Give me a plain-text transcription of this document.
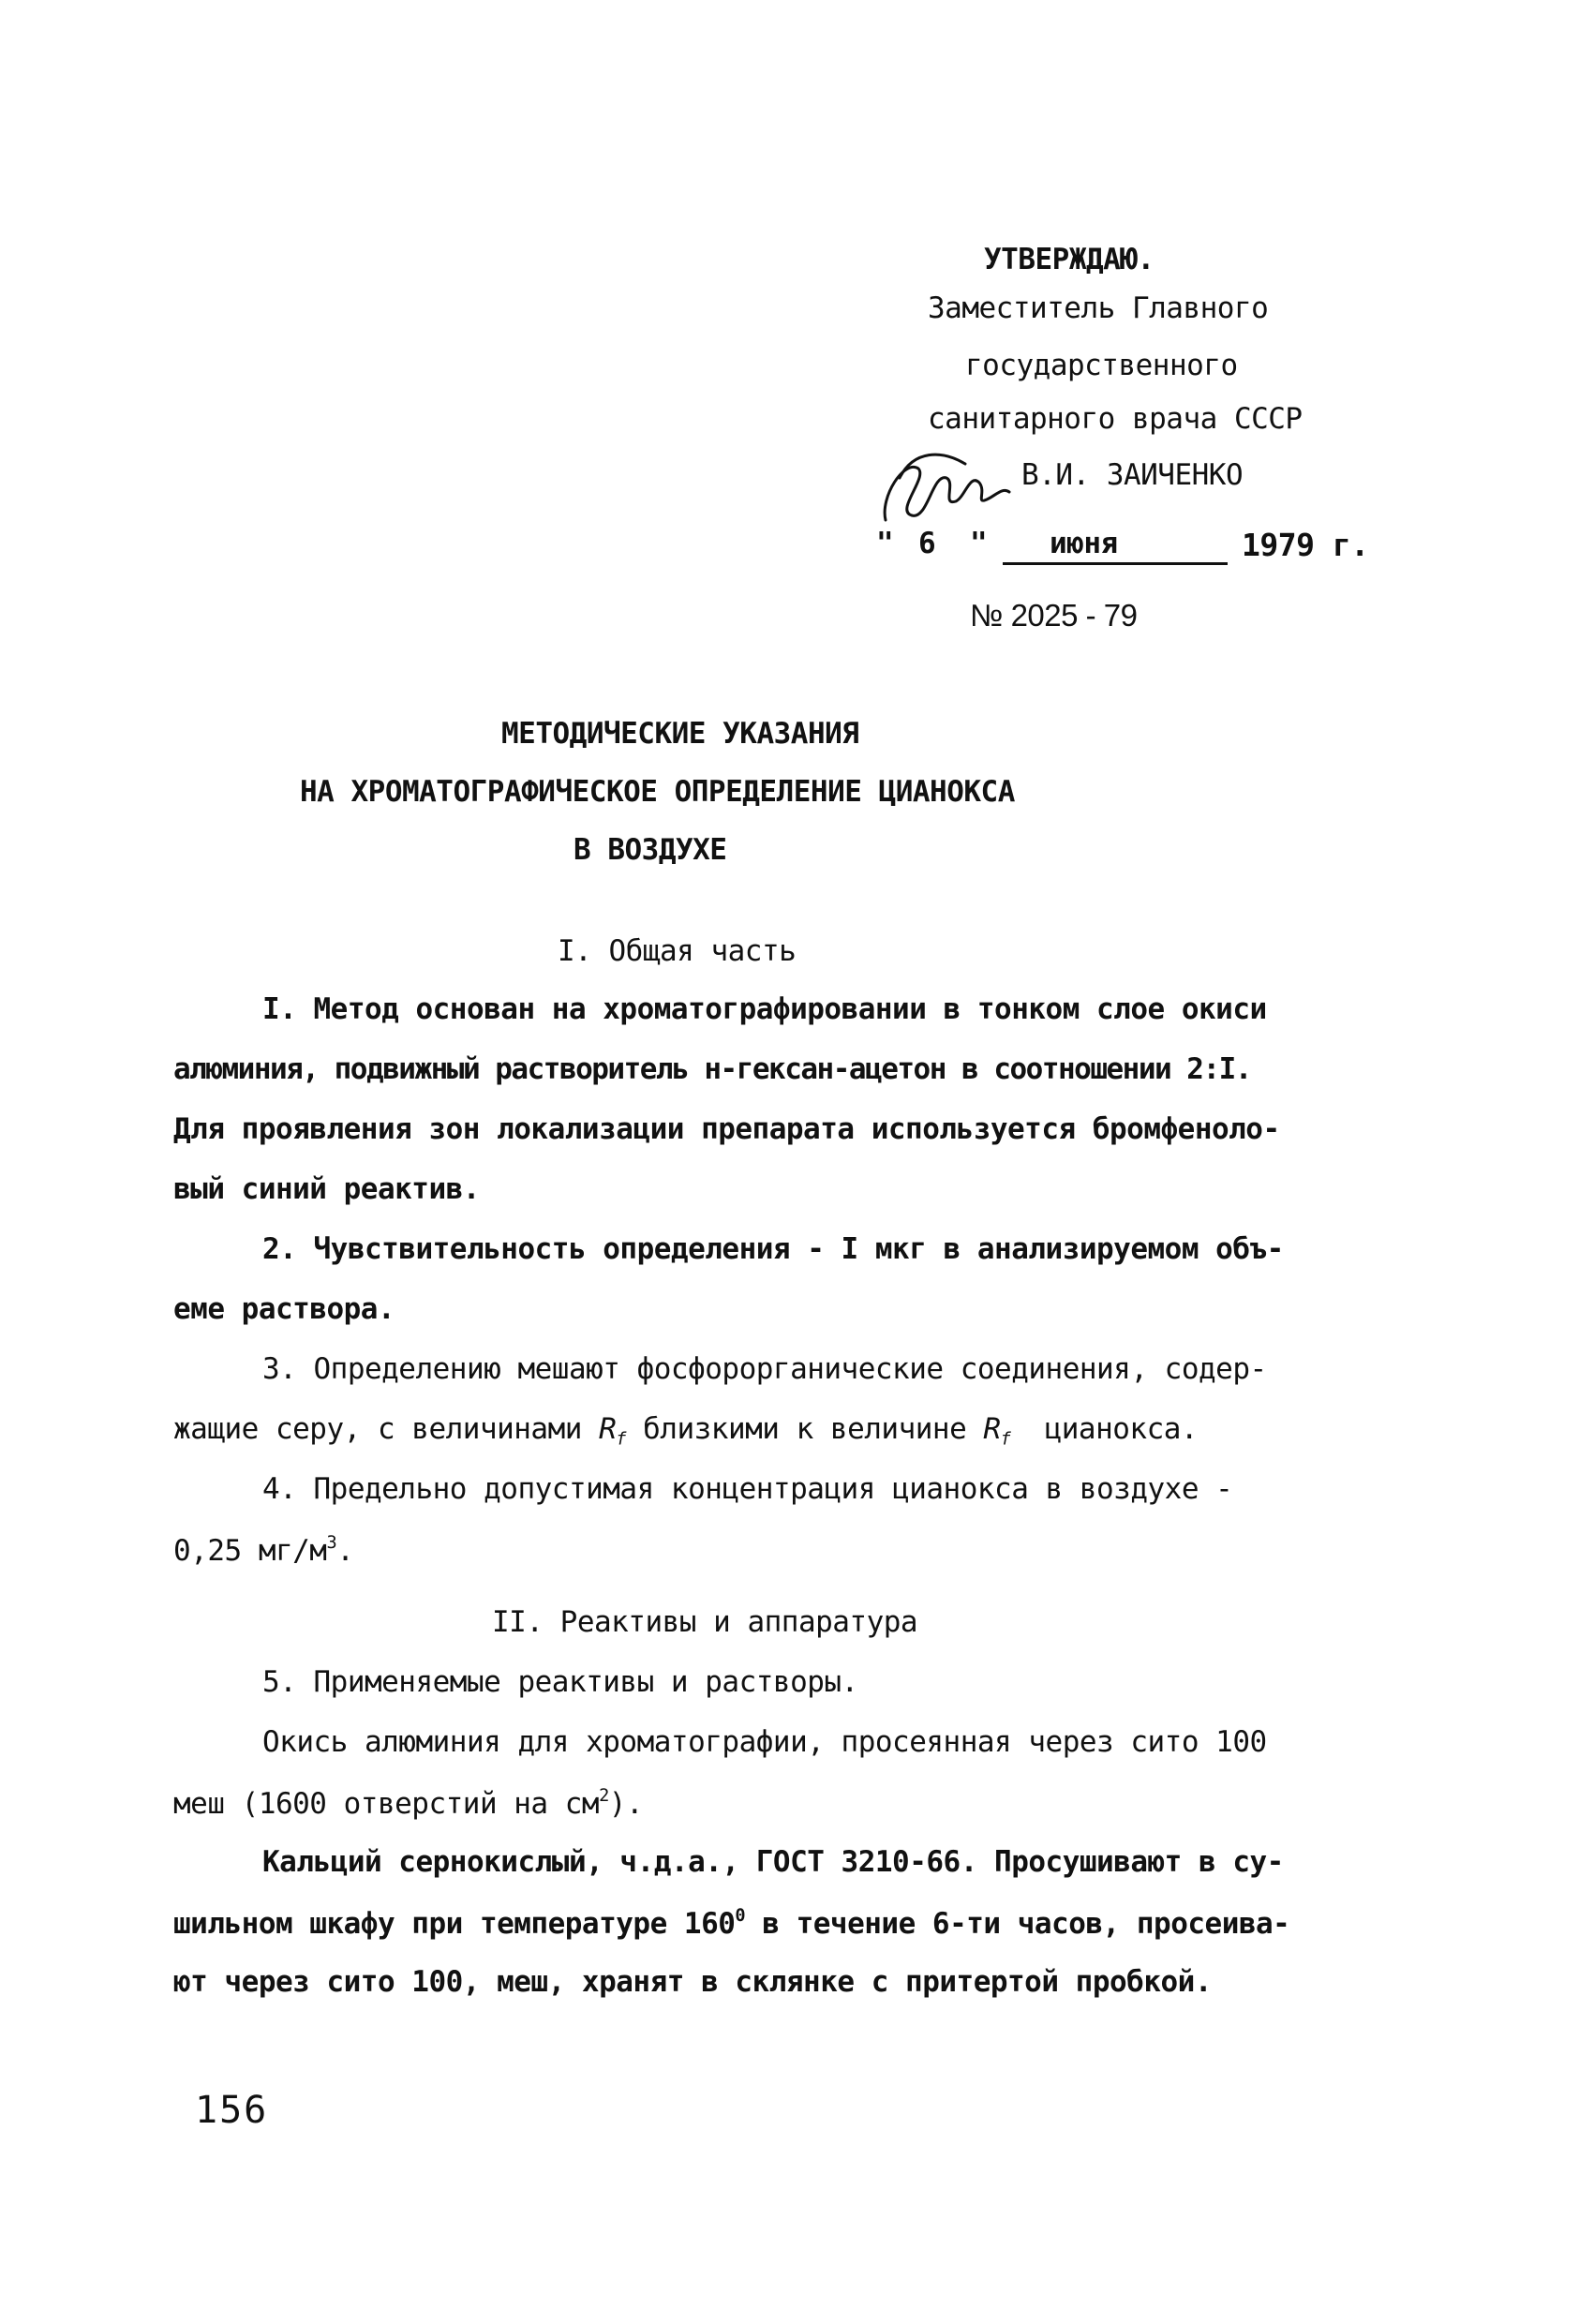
УТВЕРЖДАЮ.
Заместитель Главного
государственного
санитарного врача СССР
В.И. ЗАИЧЕНКО
" 6 " июня	1979 г.
№ 2025 - 79
МЕТОДИЧЕСКИЕ УКАЗАНИЯ
НА ХРОМАТОГРАФИЧЕСКОЕ ОПРЕДЕЛЕНИЕ ЦИАНОКСА
В ВОЗДУХЕ
I. Общая часть
I. Метод основан на хроматографировании в тонком слое окиси
алюминия, подвижный растворитель н-гексан-ацетон в соотношении 2:I.
Для проявления зон локализации препарата используется бромфеноло-
вый синий реактив.
2. Чувствительность определения - I мкг в анализируемом объ-
еме раствора.
3. Определению мешают фосфорорганические соединения, содер-
жащие серу, с величинами $R_f$ близкими к величине $R_f$  цианокса.
4. Предельно допустимая концентрация цианокса в воздухе -
0,25 $мг/м^3$.
II. Реактивы и аппаратура
5. Применяемые реактивы и растворы.
Окись алюминия для хроматографии, просеянная через сито 100
меш (1600 отверстий на $см^2$).
Кальций сернокислый, ч.д.а., ГОСТ 3210-66. Просушивают в су-
шильном шкафу при температуре $160^0$ в течение 6-ти часов, просеива-
ют через сито 100, меш, хранят в склянке с притертой пробкой.
156
